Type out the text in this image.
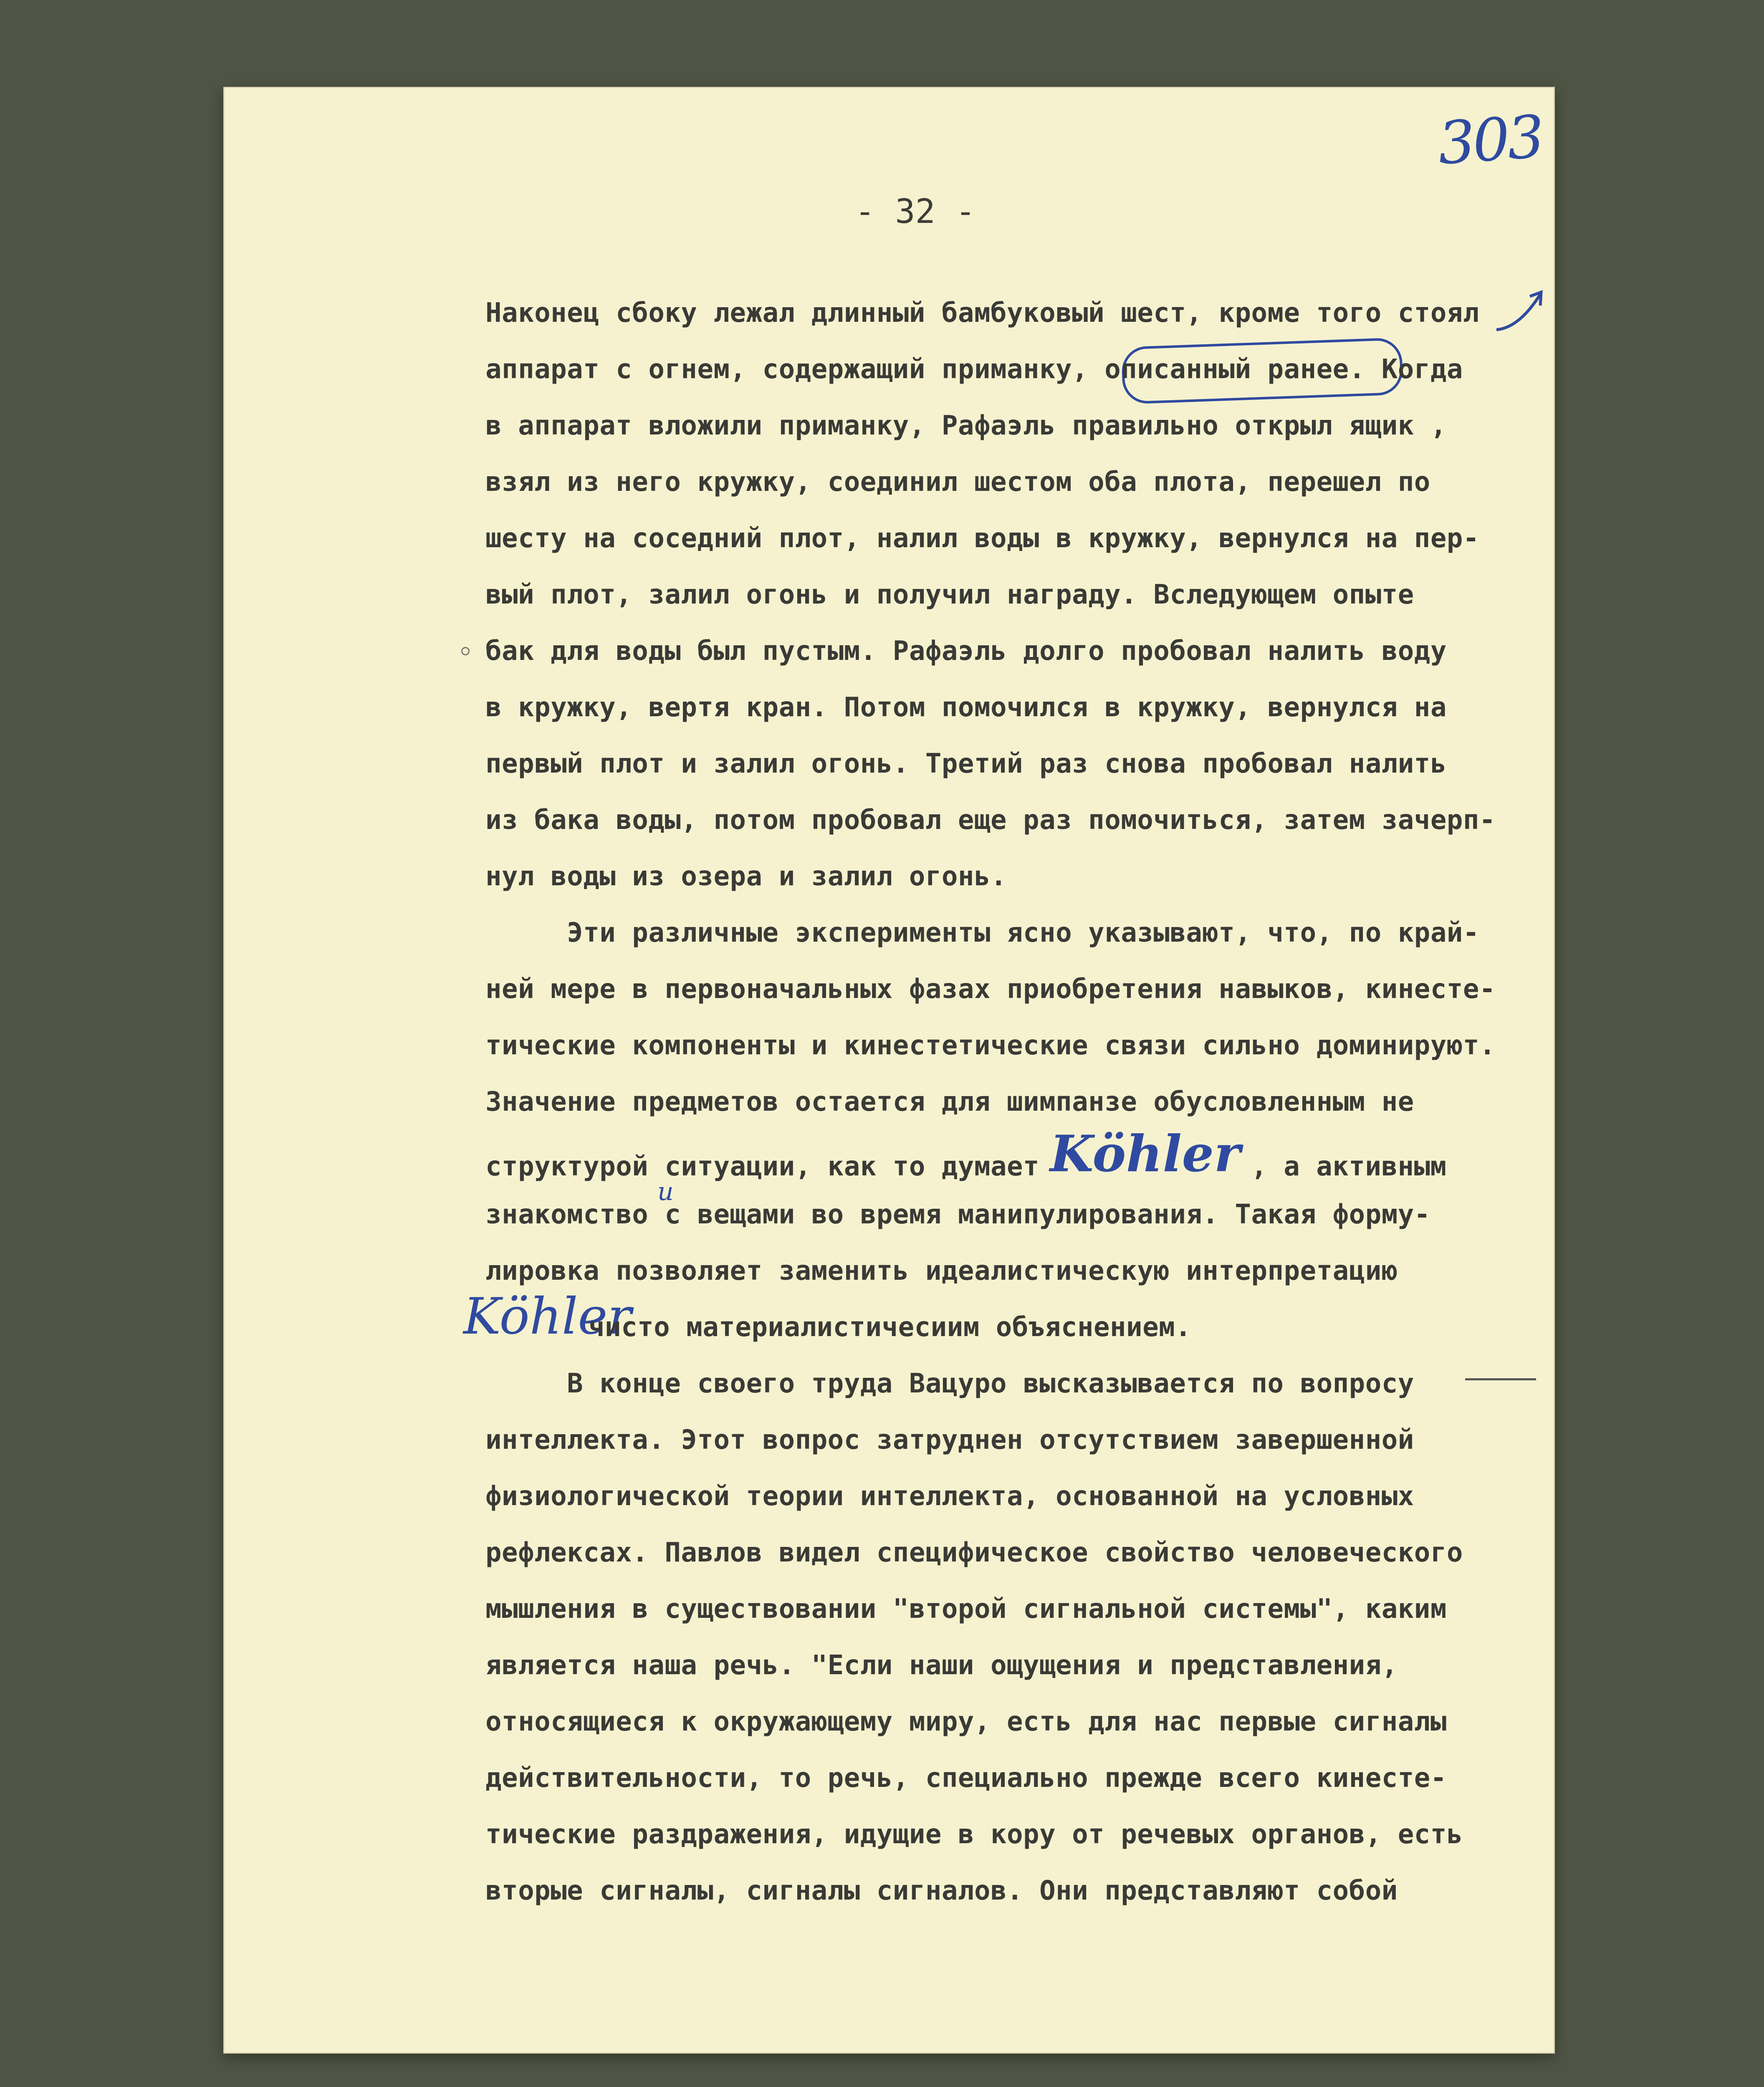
303
- 32 -
Наконец сбоку лежал длинный бамбуковый шест, кроме того стоял
аппарат с огнем, содержащий приманку, описанный ранее. Когда
в аппарат вложили приманку, Рафаэль правильно открыл ящик ,
взял из него кружку, соединил шестом оба плота, перешел по
шесту на соседний плот, налил воды в кружку, вернулся на пер-
вый плот, залил огонь и получил награду. Вследующем опыте
бак для воды был пустым. Рафаэль долго пробовал налить воду
в кружку, вертя кран. Потом помочился в кружку, вернулся на
первый плот и залил огонь. Третий раз снова пробовал налить
из бака воды, потом пробовал еще раз помочиться, затем зачерп-
нул воды из озера и залил огонь.
Эти различные эксперименты ясно указывают, что, по край-
ней мере в первоначальных фазах приобретения навыков, кинесте-
тические компоненты и кинестетические связи сильно доминируют.
Значение предметов остается для шимпанзе обусловленным не
структурой ситуации, как то думает Köhler , а активным
и
знакомство с вещами во время манипулирования. Такая форму-
лировка позволяет заменить идеалистическую интерпретацию
Köhler
чисто материалистичесиим объяснением.
В конце своего труда Вацуро высказывается по вопросу
интеллекта. Этот вопрос затруднен отсутствием завершенной
физиологической теории интеллекта, основанной на условных
рефлексах. Павлов видел специфическое свойство человеческого
мышления в существовании "второй сигнальной системы", каким
является наша речь. "Если наши ощущения и представления,
относящиеся к окружающему миру, есть для нас первые сигналы
действительности, то речь, специально прежде всего кинесте-
тические раздражения, идущие в кору от речевых органов, есть
вторые сигналы, сигналы сигналов. Они представляют собой
